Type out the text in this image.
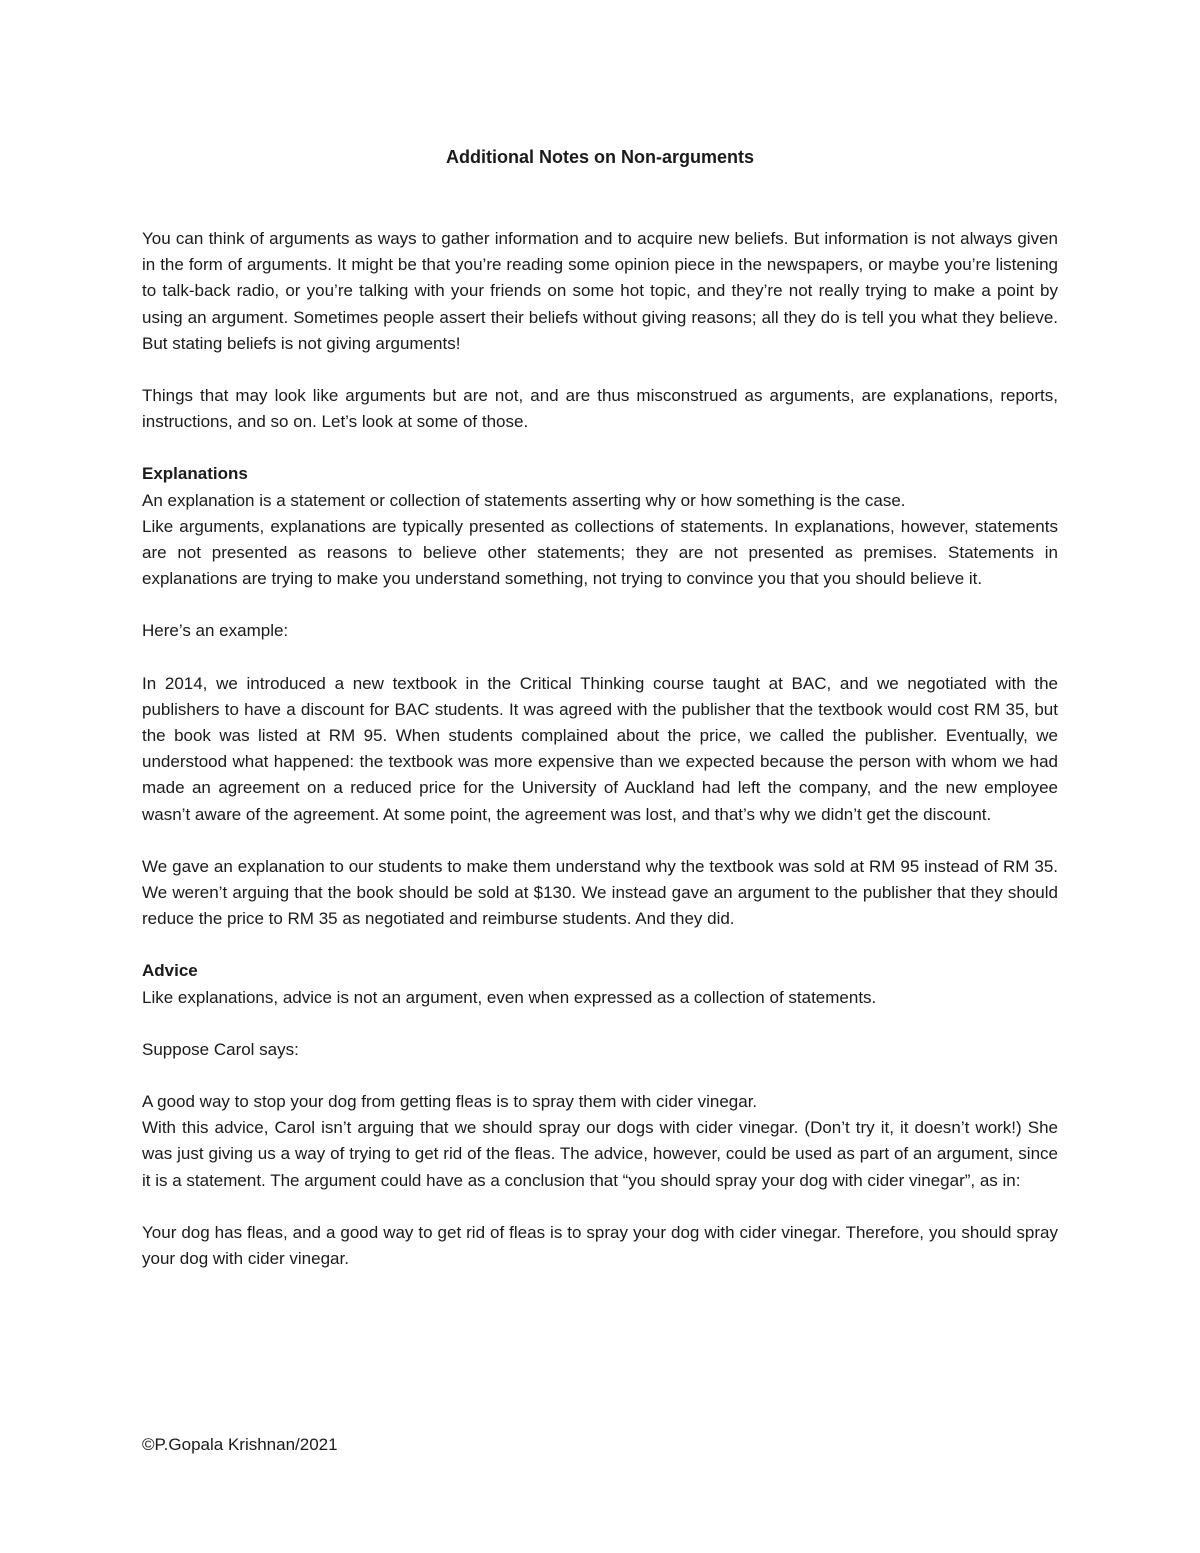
Additional Notes on Non-arguments

You can think of arguments as ways to gather information and to acquire new beliefs. But information is not always given in the form of arguments. It might be that you’re reading some opinion piece in the newspapers, or maybe you’re listening to talk-back radio, or you’re talking with your friends on some hot topic, and they’re not really trying to make a point by using an argument. Sometimes people assert their beliefs without giving reasons; all they do is tell you what they believe. But stating beliefs is not giving arguments!

Things that may look like arguments but are not, and are thus misconstrued as arguments, are explanations, reports, instructions, and so on. Let’s look at some of those.

Explanations

An explanation is a statement or collection of statements asserting why or how something is the case.

Like arguments, explanations are typically presented as collections of statements. In explanations, however, statements are not presented as reasons to believe other statements; they are not presented as premises. Statements in explanations are trying to make you understand something, not trying to convince you that you should believe it.

Here’s an example:

In 2014, we introduced a new textbook in the Critical Thinking course taught at BAC, and we negotiated with the publishers to have a discount for BAC students. It was agreed with the publisher that the textbook would cost RM 35, but the book was listed at RM 95. When students complained about the price, we called the publisher. Eventually, we understood what happened: the textbook was more expensive than we expected because the person with whom we had made an agreement on a reduced price for the University of Auckland had left the company, and the new employee wasn’t aware of the agreement. At some point, the agreement was lost, and that’s why we didn’t get the discount.

We gave an explanation to our students to make them understand why the textbook was sold at RM 95 instead of RM 35. We weren’t arguing that the book should be sold at $130. We instead gave an argument to the publisher that they should reduce the price to RM 35 as negotiated and reimburse students. And they did.

Advice

Like explanations, advice is not an argument, even when expressed as a collection of statements.

Suppose Carol says:

A good way to stop your dog from getting fleas is to spray them with cider vinegar.

With this advice, Carol isn’t arguing that we should spray our dogs with cider vinegar. (Don’t try it, it doesn’t work!) She was just giving us a way of trying to get rid of the fleas. The advice, however, could be used as part of an argument, since it is a statement. The argument could have as a conclusion that “you should spray your dog with cider vinegar”, as in:

Your dog has fleas, and a good way to get rid of fleas is to spray your dog with cider vinegar. Therefore, you should spray your dog with cider vinegar.

©P.Gopala Krishnan/2021
